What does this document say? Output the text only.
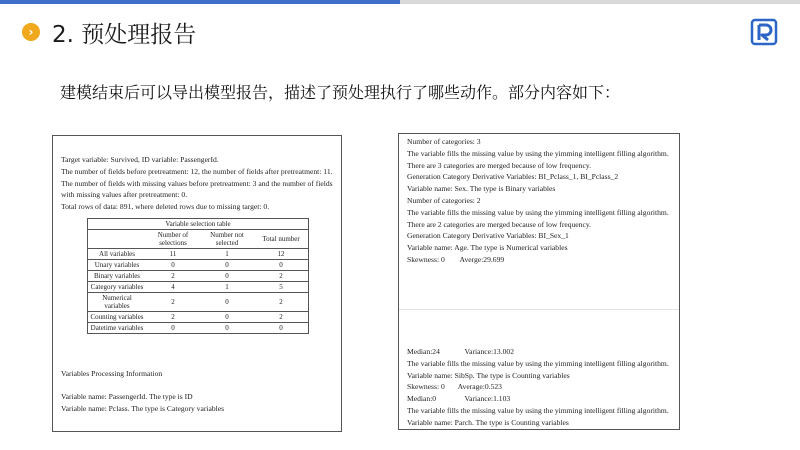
› 2. 预处理报告
建模结束后可以导出模型报告，描述了预处理执行了哪些动作。部分内容如下：
Target variable: Survived, ID variable: PassengerId.
The number of fields before pretreatment: 12, the number of fields after pretreatment: 11.
The number of fields with missing values before pretreatment: 3 and the number of fields
with missing values after pretreatment: 0.
Total rows of data: 891, where deleted rows due to missing target: 0.
Variable selection table			
	Number of selections	Number not selected	Total number
All variables	11	1	12
Unary variables	0	0	0
Binary variables	2	0	2
Category variables	4	1	5
Numerical variables	2	0	2
Counting variables	2	0	2
Datetime variables	0	0	0
Variables Processing Information
Variable name: PassengerId. The type is ID
Variable name: Pclass. The type is Category variables
Number of categories: 3
The variable fills the missing value by using the yimming intelligent filling algorithm.
There are 3 categories are merged because of low frequency.
Generation Category Derivative Variables: BI_Pclass_1, BI_Pclass_2
Variable name: Sex. The type is Binary variables
Number of categories: 2
The variable fills the missing value by using the yimming intelligent filling algorithm.
There are 2 categories are merged because of low frequency.
Generation Category Derivative Variables: BI_Sex_1
Variable name: Age. The type is Numerical variables
Skewness: 0        Averge:29.699
Median:24             Variance:13.002
The variable fills the missing value by using the yimming intelligent filling algorithm.
Variable name: SibSp. The type is Counting variables
Skewness: 0       Average:0.523
Median:0               Variance:1.103
The variable fills the missing value by using the yimming intelligent filling algorithm.
Variable name: Parch. The type is Counting variables
